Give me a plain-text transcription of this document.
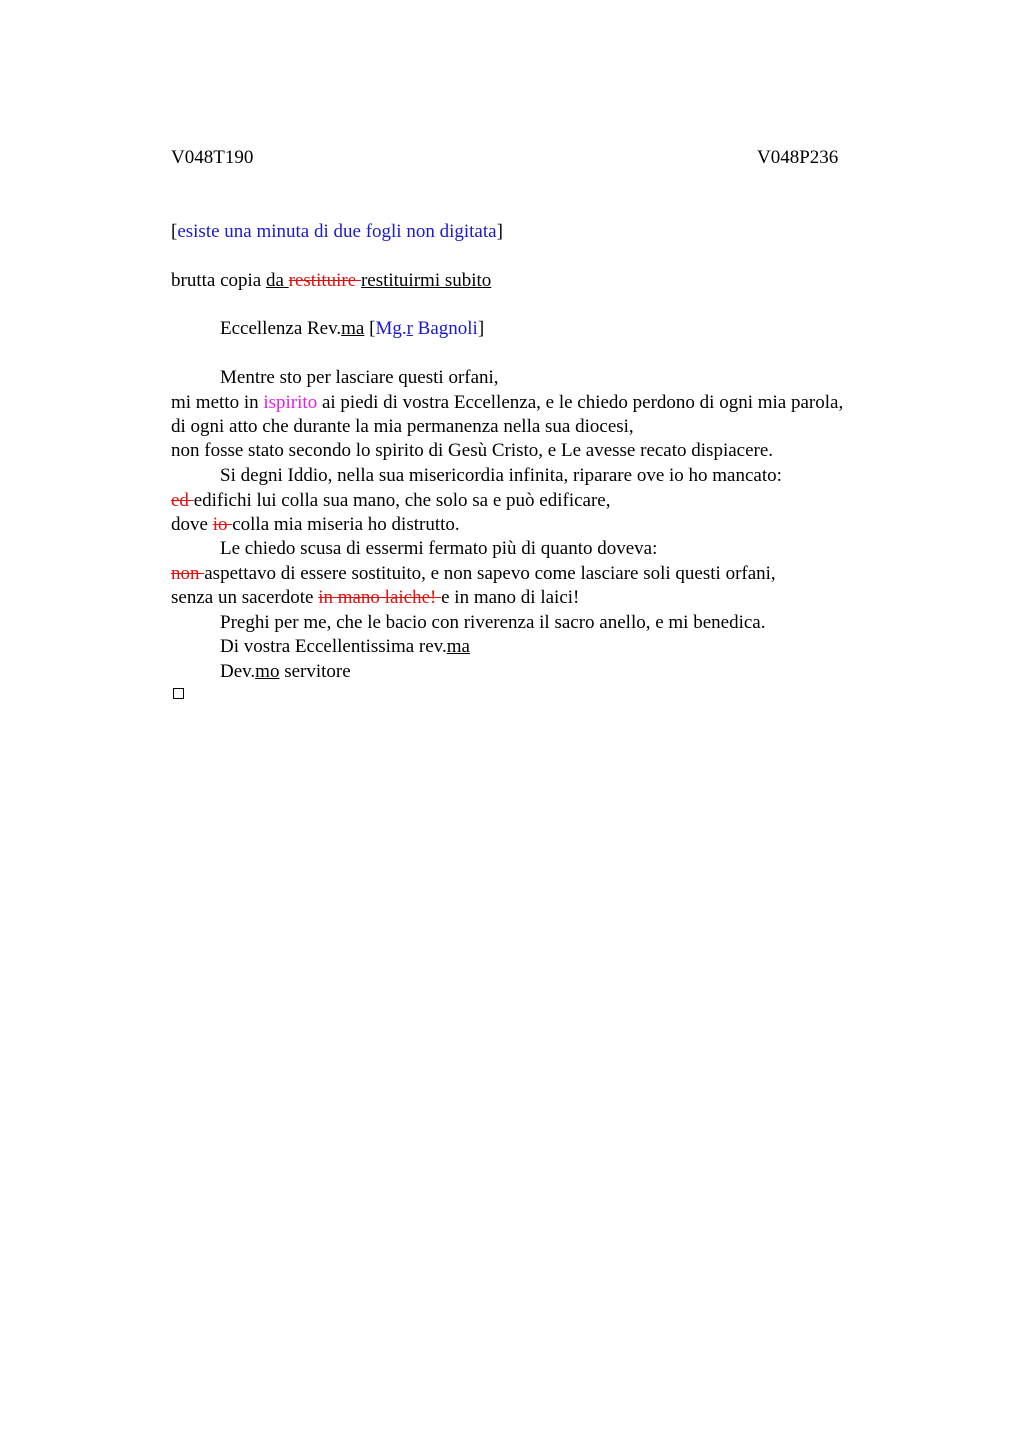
V048T190	V048P236
[esiste una minuta di due fogli non digitata]
brutta copia da restituire restituirmi subito
Eccellenza Rev.ma [Mg.r Bagnoli]
Mentre sto per lasciare questi orfani,
mi metto in ispirito ai piedi di vostra Eccellenza, e le chiedo perdono di ogni mia parola,
di ogni atto che durante la mia permanenza nella sua diocesi,
non fosse stato secondo lo spirito di Gesù Cristo, e Le avesse recato dispiacere.
Si degni Iddio, nella sua misericordia infinita, riparare ove io ho mancato:
ed edifichi lui colla sua mano, che solo sa e può edificare,
dove io colla mia miseria ho distrutto.
Le chiedo scusa di essermi fermato più di quanto doveva:
non aspettavo di essere sostituito, e non sapevo come lasciare soli questi orfani,
senza un sacerdote in mano laiche! e in mano di laici!
Preghi per me, che le bacio con riverenza il sacro anello, e mi benedica.
Di vostra Eccellentissima rev.ma
Dev.mo servitore
